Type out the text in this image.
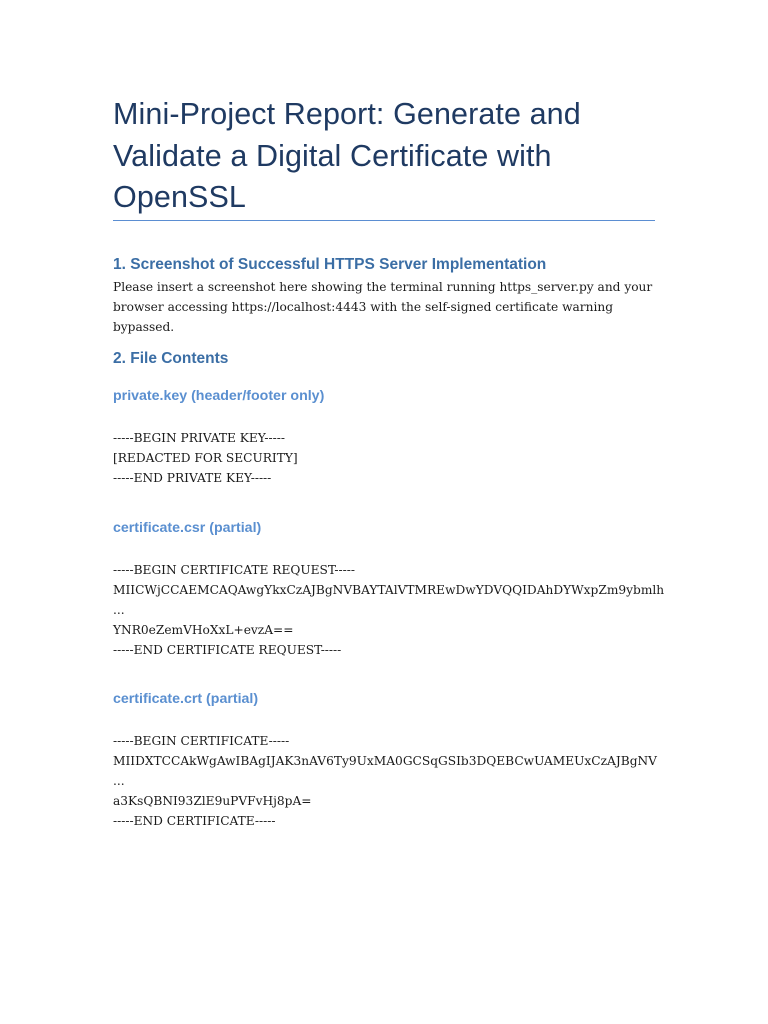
Mini-Project Report: Generate and Validate a Digital Certificate with OpenSSL
1. Screenshot of Successful HTTPS Server Implementation
Please insert a screenshot here showing the terminal running https_server.py and your
browser accessing https://localhost:4443 with the self-signed certificate warning bypassed.
2. File Contents
private.key (header/footer only)
-----BEGIN PRIVATE KEY-----
[REDACTED FOR SECURITY]
-----END PRIVATE KEY-----
certificate.csr (partial)
-----BEGIN CERTIFICATE REQUEST-----
MIICWjCCAEMCAQAwgYkxCzAJBgNVBAYTAlVTMREwDwYDVQQIDAhDYWxpZm9ybmlh
...
YNR0eZemVHoXxL+evzA==
-----END CERTIFICATE REQUEST-----
certificate.crt (partial)
-----BEGIN CERTIFICATE-----
MIIDXTCCAkWgAwIBAgIJAK3nAV6Ty9UxMA0GCSqGSIb3DQEBCwUAMEUxCzAJBgNV
...
a3KsQBNI93ZlE9uPVFvHj8pA=
-----END CERTIFICATE-----
